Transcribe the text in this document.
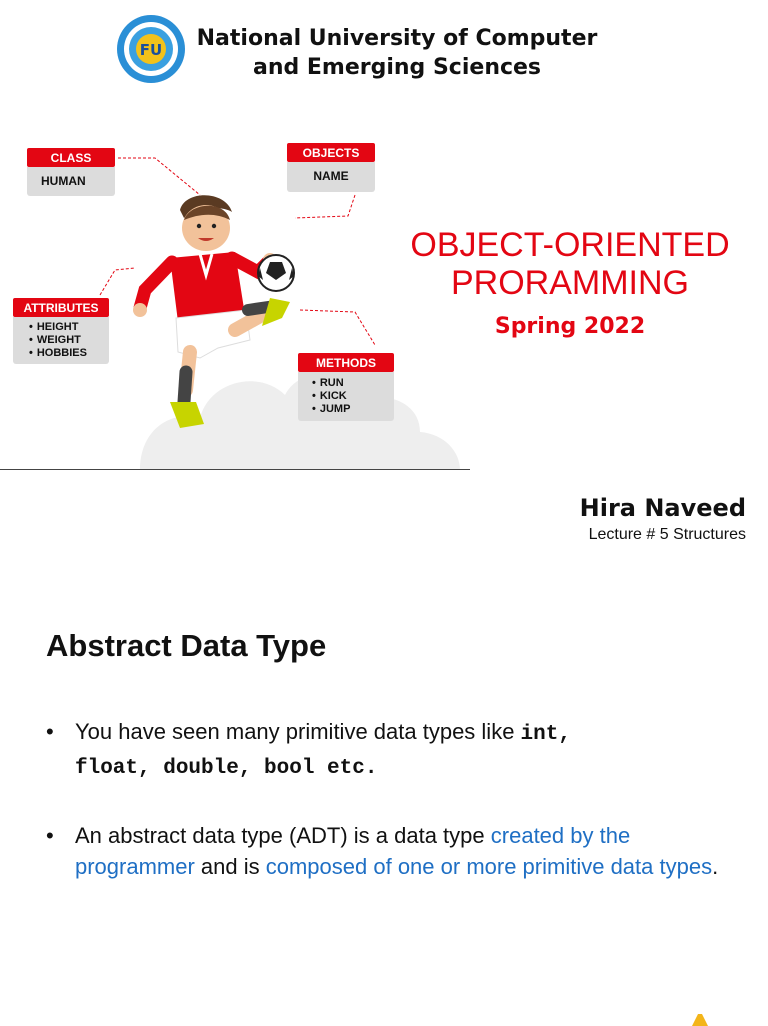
FU National University of Computer
and Emerging Sciences
CLASS
HUMAN
OBJECTS
NAME
ATTRIBUTES
• HEIGHT
• WEIGHT
• HOBBIES
METHODS
• RUN
• KICK
• JUMP
OBJECT-ORIENTED
PRORAMMING
Spring 2022
Hira Naveed
Lecture # 5 Structures
Abstract Data Type
• You have seen many primitive data types like int,
float, double, bool etc.
• An abstract data type (ADT) is a data type created by the programmer and is composed of one or more primitive data types.
